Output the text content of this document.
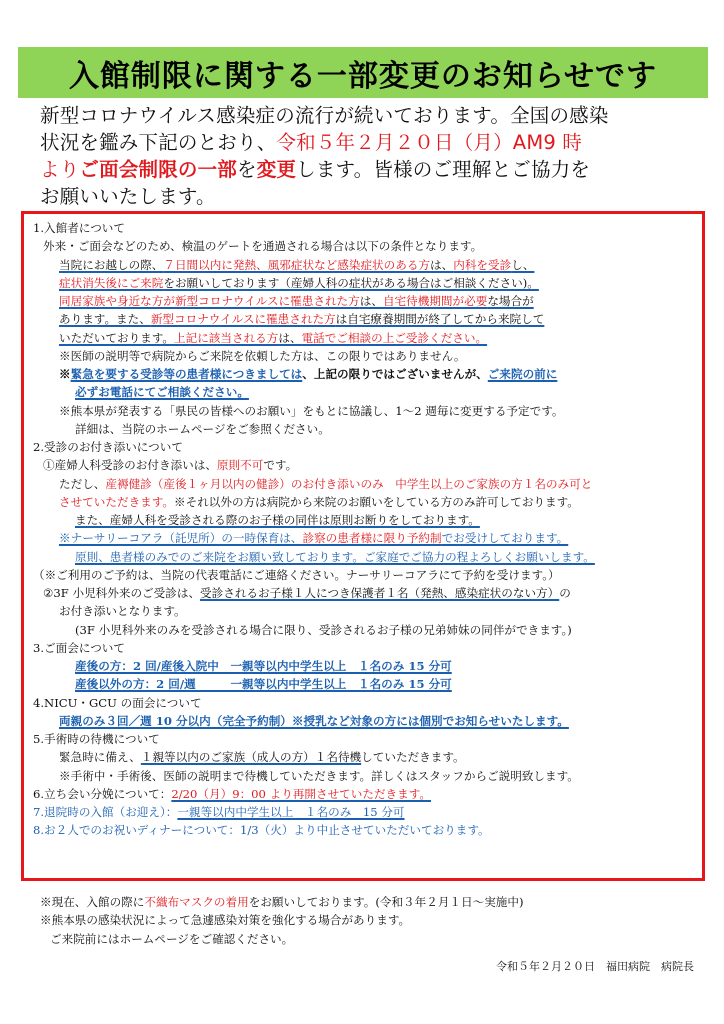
入館制限に関する一部変更のお知らせです
新型コロナウイルス感染症の流行が続いております。全国の感染
状況を鑑み下記のとおり、令和５年２月２０日（月）AM9 時
よりご面会制限の一部を変更します。皆様のご理解とご協力を
お願いいたします。
1.入館者について
外来・ご面会などのため、検温のゲートを通過される場合は以下の条件となります。
当院にお越しの際、７日間以内に発熱、風邪症状など感染症状のある方は、内科を受診し、
症状消失後にご来院をお願いしております（産婦人科の症状がある場合はご相談ください)。
同居家族や身近な方が新型コロナウイルスに罹患された方は、自宅待機期間が必要な場合が
あります。また、新型コロナウイルスに罹患された方は自宅療養期間が終了してから来院して
いただいております。上記に該当される方は、電話でご相談の上ご受診ください。
※医師の説明等で病院からご来院を依頼した方は、この限りではありません。
※緊急を要する受診等の患者様につきましては、上記の限りではございませんが、ご来院の前に
必ずお電話にてご相談ください。
※熊本県が発表する「県民の皆様へのお願い」をもとに協議し、1～2 週毎に変更する予定です。
詳細は、当院のホームページをご参照ください。
2.受診のお付き添いについて
①産婦人科受診のお付き添いは、原則不可です。
ただし、産褥健診（産後１ヶ月以内の健診）のお付き添いのみ　中学生以上のご家族の方１名のみ可と
させていただきます。※それ以外の方は病院から来院のお願いをしている方のみ許可しております。
また、産婦人科を受診される際のお子様の同伴は原則お断りをしております。
※ナーサリーコアラ（託児所）の一時保育は、診察の患者様に限り予約制でお受けしております。
原則、患者様のみでのご来院をお願い致しております。ご家庭でご協力の程よろしくお願いします。
（※ご利用のご予約は、当院の代表電話にご連絡ください。ナーサリーコアラにて予約を受けます。）
②3F 小児科外来のご受診は、受診されるお子様１人につき保護者１名（発熱、感染症状のない方）の
お付き添いとなります。
(3F 小児科外来のみを受診される場合に限り、受診されるお子様の兄弟姉妹の同伴ができます。)
3.ご面会について
産後の方：2 回/産後入院中　一親等以内中学生以上　１名のみ 15 分可
産後以外の方：2 回/週　　　一親等以内中学生以上　１名のみ 15 分可
4.NICU・GCU の面会について
両親のみ３回／週 10 分以内（完全予約制）※授乳など対象の方には個別でお知らせいたします。
5.手術時の待機について
緊急時に備え、１親等以内のご家族（成人の方）１名待機していただきます。
※手術中・手術後、医師の説明まで待機していただきます。詳しくはスタッフからご説明致します。
6.立ち会い分娩について：2/20（月）9：00 より再開させていただきます。
7.退院時の入館（お迎え）：一親等以内中学生以上　１名のみ　15 分可
8.お２人でのお祝いディナーについて：1/3（火）より中止させていただいております。
※現在、入館の際に不織布マスクの着用をお願いしております。(令和３年２月１日～実施中)
※熊本県の感染状況によって急遽感染対策を強化する場合があります。
ご来院前にはホームページをご確認ください。
令和５年２月２０日　福田病院　病院長
